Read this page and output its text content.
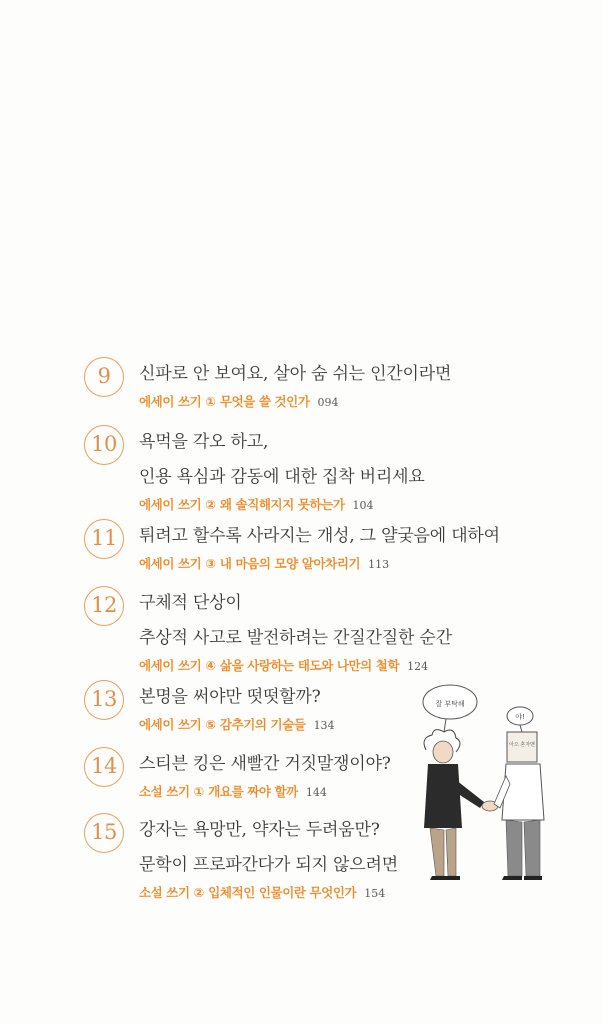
9	신파로 안 보여요, 살아 숨 쉬는 인간이라면
에세이 쓰기 ① 무엇을 쓸 것인가 094
10	욕먹을 각오 하고,
인용 욕심과 감동에 대한 집착 버리세요
에세이 쓰기 ② 왜 솔직해지지 못하는가 104
11	튀려고 할수록 사라지는 개성, 그 얄궂음에 대하여
에세이 쓰기 ③ 내 마음의 모양 알아차리기 113
12	구체적 단상이
추상적 사고로 발전하려는 간질간질한 순간
에세이 쓰기 ④ 삶을 사랑하는 태도와 나만의 철학 124
13	본명을 써야만 떳떳할까?
에세이 쓰기 ⑤ 감추기의 기술들 134
14	스티븐 킹은 새빨간 거짓말쟁이야?
소설 쓰기 ① 개요를 짜야 할까 144
15	강자는 욕망만, 약자는 두려움만?
문학이 프로파간다가 되지 않으려면
소설 쓰기 ② 입체적인 인물이란 무엇인가 154
잘 부탁해
야!
아으 혼자맨
